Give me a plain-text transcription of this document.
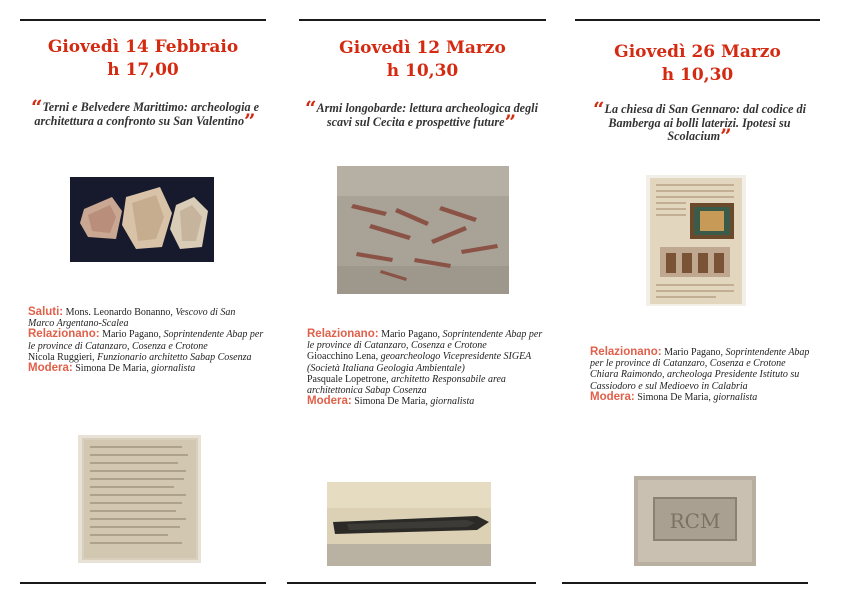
Giovedì 14 Febbraio
h 17,00
“Terni e Belvedere Marittimo: archeologia e architettura a confronto su San Valentino”

Saluti: Mons. Leonardo Bonanno, Vescovo di San Marco Argentano-Scalea

Relazionano: Mario Pagano, Soprintendente Abap per le province di Catanzaro, Cosenza e Crotone

Nicola Ruggieri, Funzionario architetto Sabap Cosenza

Modera: Simona De Maria, giornalista

Giovedì 12 Marzo
h 10,30
“Armi longobarde: lettura archeologica degli scavi sul Cecita e prospettive future”

Relazionano: Mario Pagano, Soprintendente Abap per le province di Catanzaro, Cosenza e Crotone

Gioacchino Lena, geoarcheologo Vicepresidente SIGEA (Società Italiana Geologia Ambientale)

Pasquale Lopetrone, architetto Responsabile area architettonica Sabap Cosenza

Modera: Simona De Maria, giornalista

Giovedì 26 Marzo
h 10,30
“La chiesa di San Gennaro: dal codice di Bamberga ai bolli laterizi. Ipotesi su Scolacium”

Relazionano: Mario Pagano, Soprintendente Abap per le province di Catanzaro, Cosenza e Crotone

Chiara Raimondo, archeologa Presidente Istituto su Cassiodoro e sul Medioevo in Calabria

Modera: Simona De Maria, giornalista

RCM
